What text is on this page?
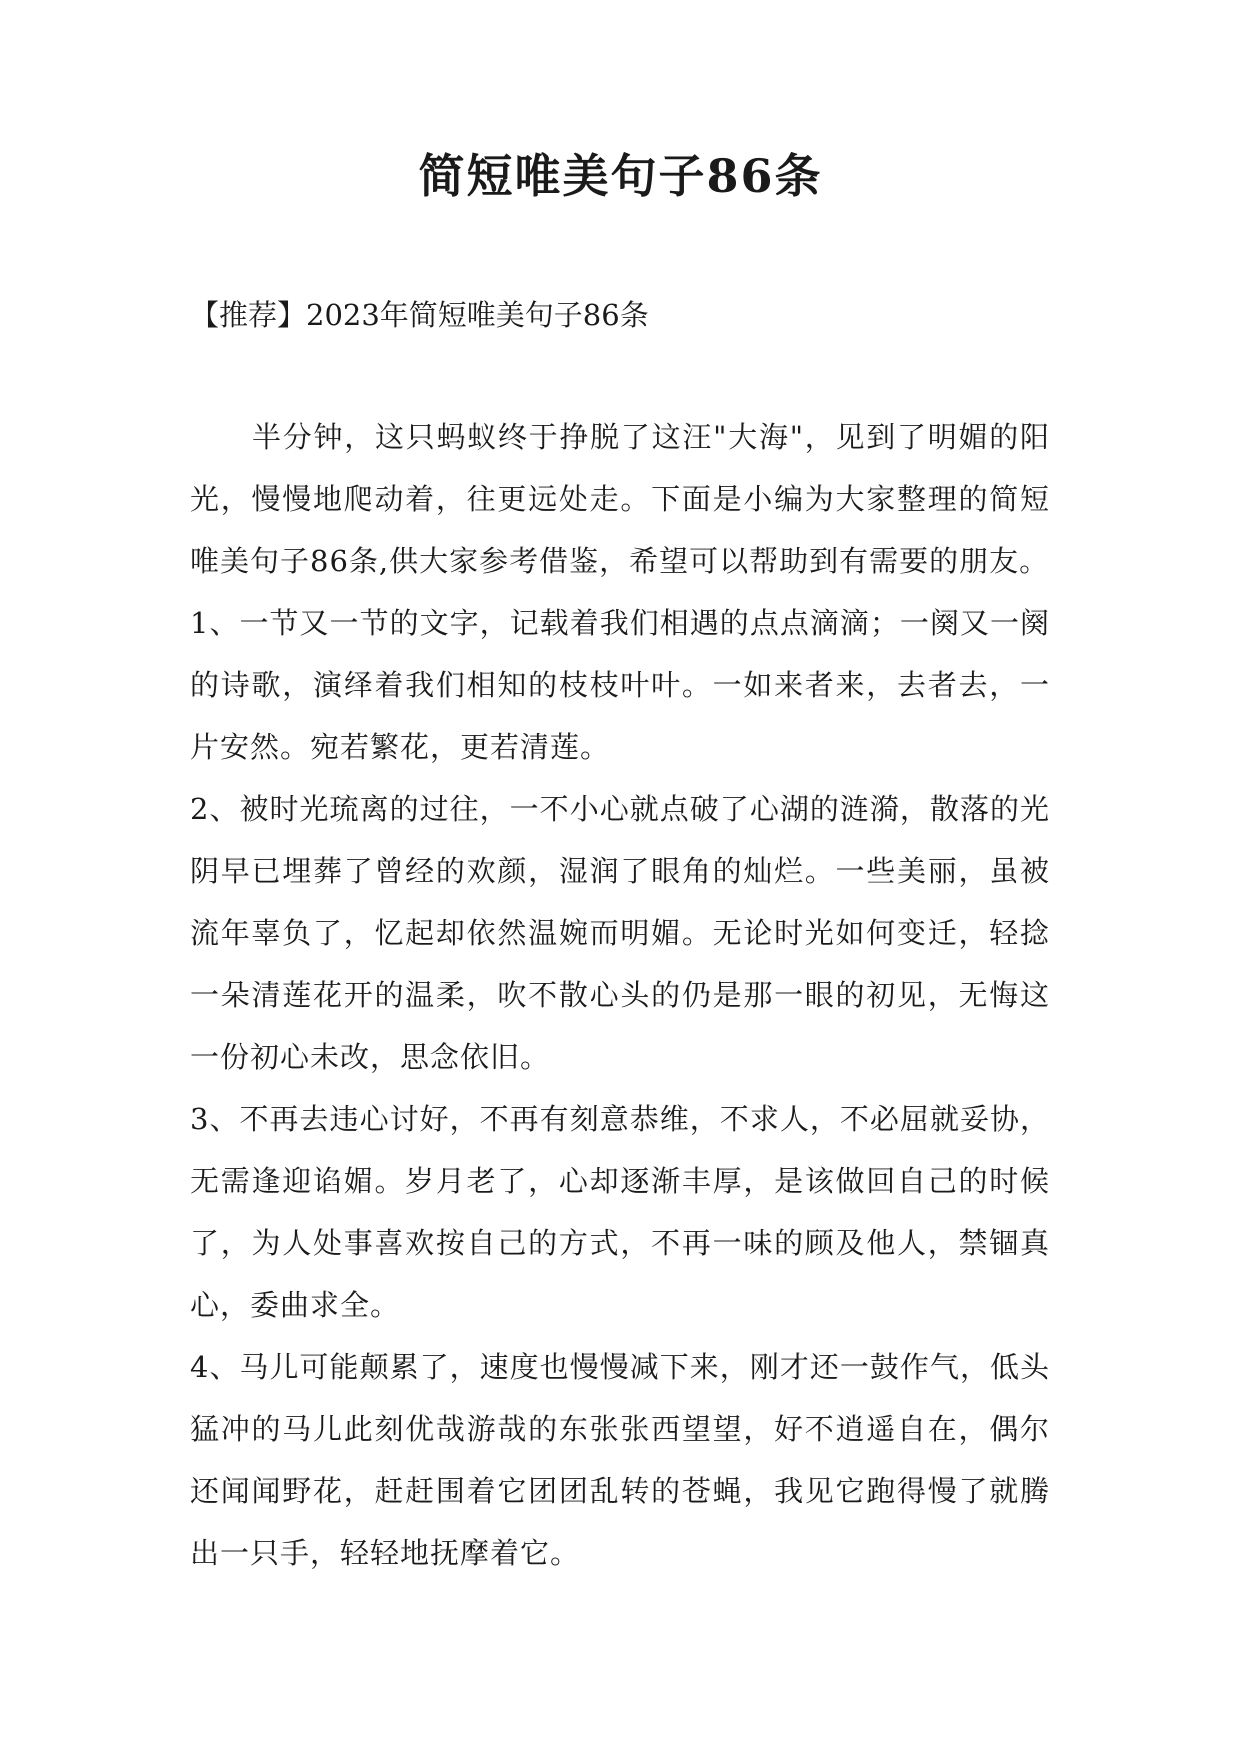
简短唯美句子86条

【推荐】2023年简短唯美句子86条

半分钟，这只蚂蚁终于挣脱了这汪"大海"，见到了明媚的阳光，慢慢地爬动着，往更远处走。下面是小编为大家整理的简短唯美句子86条,供大家参考借鉴，希望可以帮助到有需要的朋友。

1、一节又一节的文字，记载着我们相遇的点点滴滴；一阕又一阕的诗歌，演绎着我们相知的枝枝叶叶。一如来者来，去者去，一片安然。宛若繁花，更若清莲。

2、被时光琉离的过往，一不小心就点破了心湖的涟漪，散落的光阴早已埋葬了曾经的欢颜，湿润了眼角的灿烂。一些美丽，虽被流年辜负了，忆起却依然温婉而明媚。无论时光如何变迁，轻捻一朵清莲花开的温柔，吹不散心头的仍是那一眼的初见，无悔这一份初心未改，思念依旧。

3、不再去违心讨好，不再有刻意恭维，不求人，不必屈就妥协，无需逢迎谄媚。岁月老了，心却逐渐丰厚，是该做回自己的时候了，为人处事喜欢按自己的方式，不再一味的顾及他人，禁锢真心，委曲求全。

4、马儿可能颠累了，速度也慢慢减下来，刚才还一鼓作气，低头猛冲的马儿此刻优哉游哉的东张张西望望，好不逍遥自在，偶尔还闻闻野花，赶赶围着它团团乱转的苍蝇，我见它跑得慢了就腾出一只手，轻轻地抚摩着它。
